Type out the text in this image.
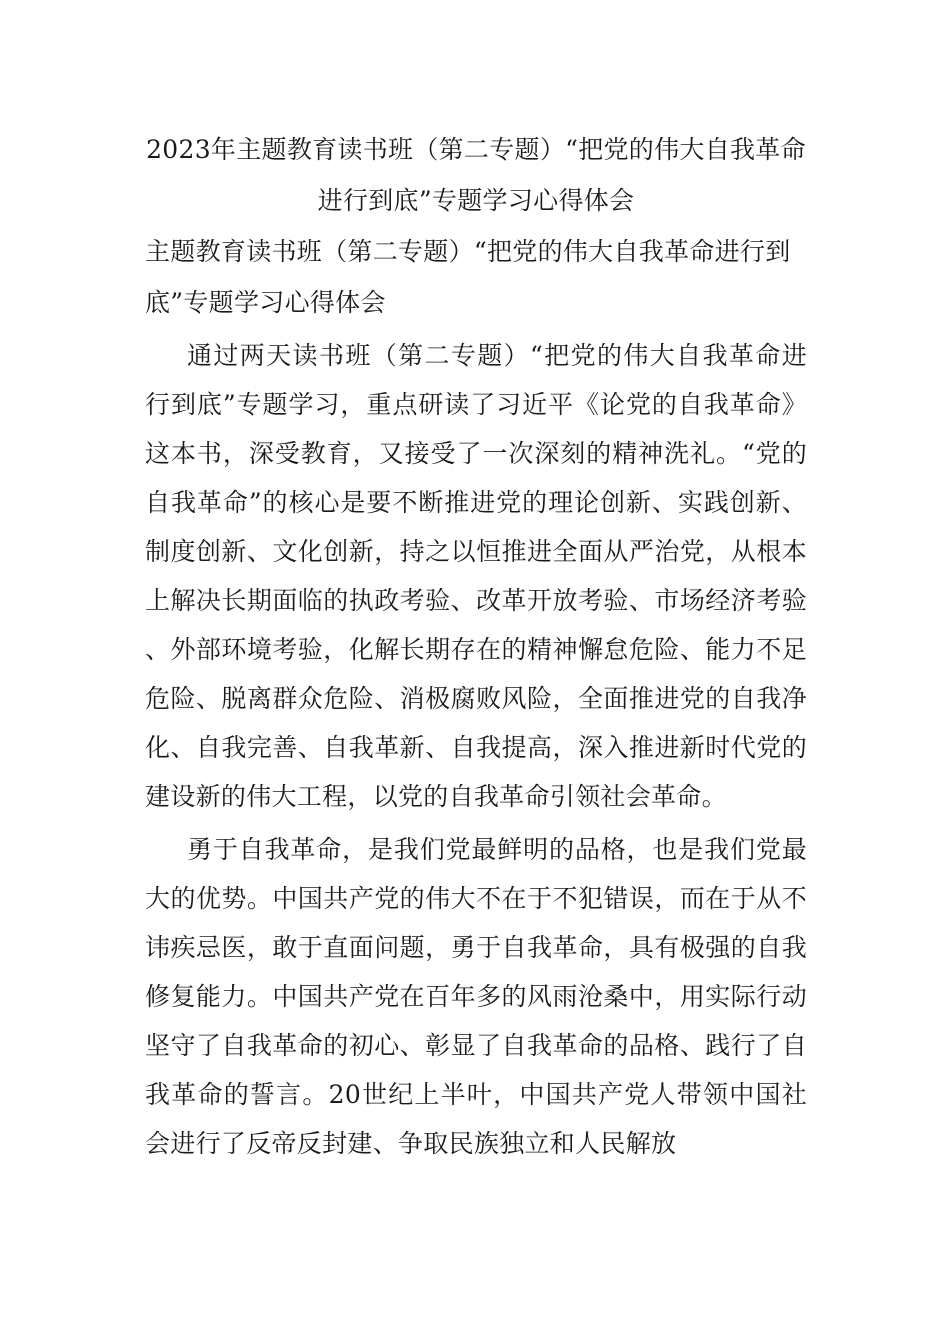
2023年主题教育读书班（第二专题）“把党的伟大自我革命进行到底”专题学习心得体会

主题教育读书班（第二专题）“把党的伟大自我革命进行到底”专题学习心得体会

通过两天读书班（第二专题）“把党的伟大自我革命进行到底”专题学习，重点研读了习近平《论党的自我革命》这本书，深受教育，又接受了一次深刻的精神洗礼。“党的自我革命”的核心是要不断推进党的理论创新、实践创新、制度创新、文化创新，持之以恒推进全面从严治党，从根本上解决长期面临的执政考验、改革开放考验、市场经济考验、外部环境考验，化解长期存在的精神懈怠危险、能力不足危险、脱离群众危险、消极腐败风险，全面推进党的自我净化、自我完善、自我革新、自我提高，深入推进新时代党的建设新的伟大工程，以党的自我革命引领社会革命。

勇于自我革命，是我们党最鲜明的品格，也是我们党最大的优势。中国共产党的伟大不在于不犯错误，而在于从不讳疾忌医，敢于直面问题，勇于自我革命，具有极强的自我修复能力。中国共产党在百年多的风雨沧桑中，用实际行动坚守了自我革命的初心、彰显了自我革命的品格、践行了自我革命的誓言。20世纪上半叶，中国共产党人带领中国社会进行了反帝反封建、争取民族独立和人民解放
